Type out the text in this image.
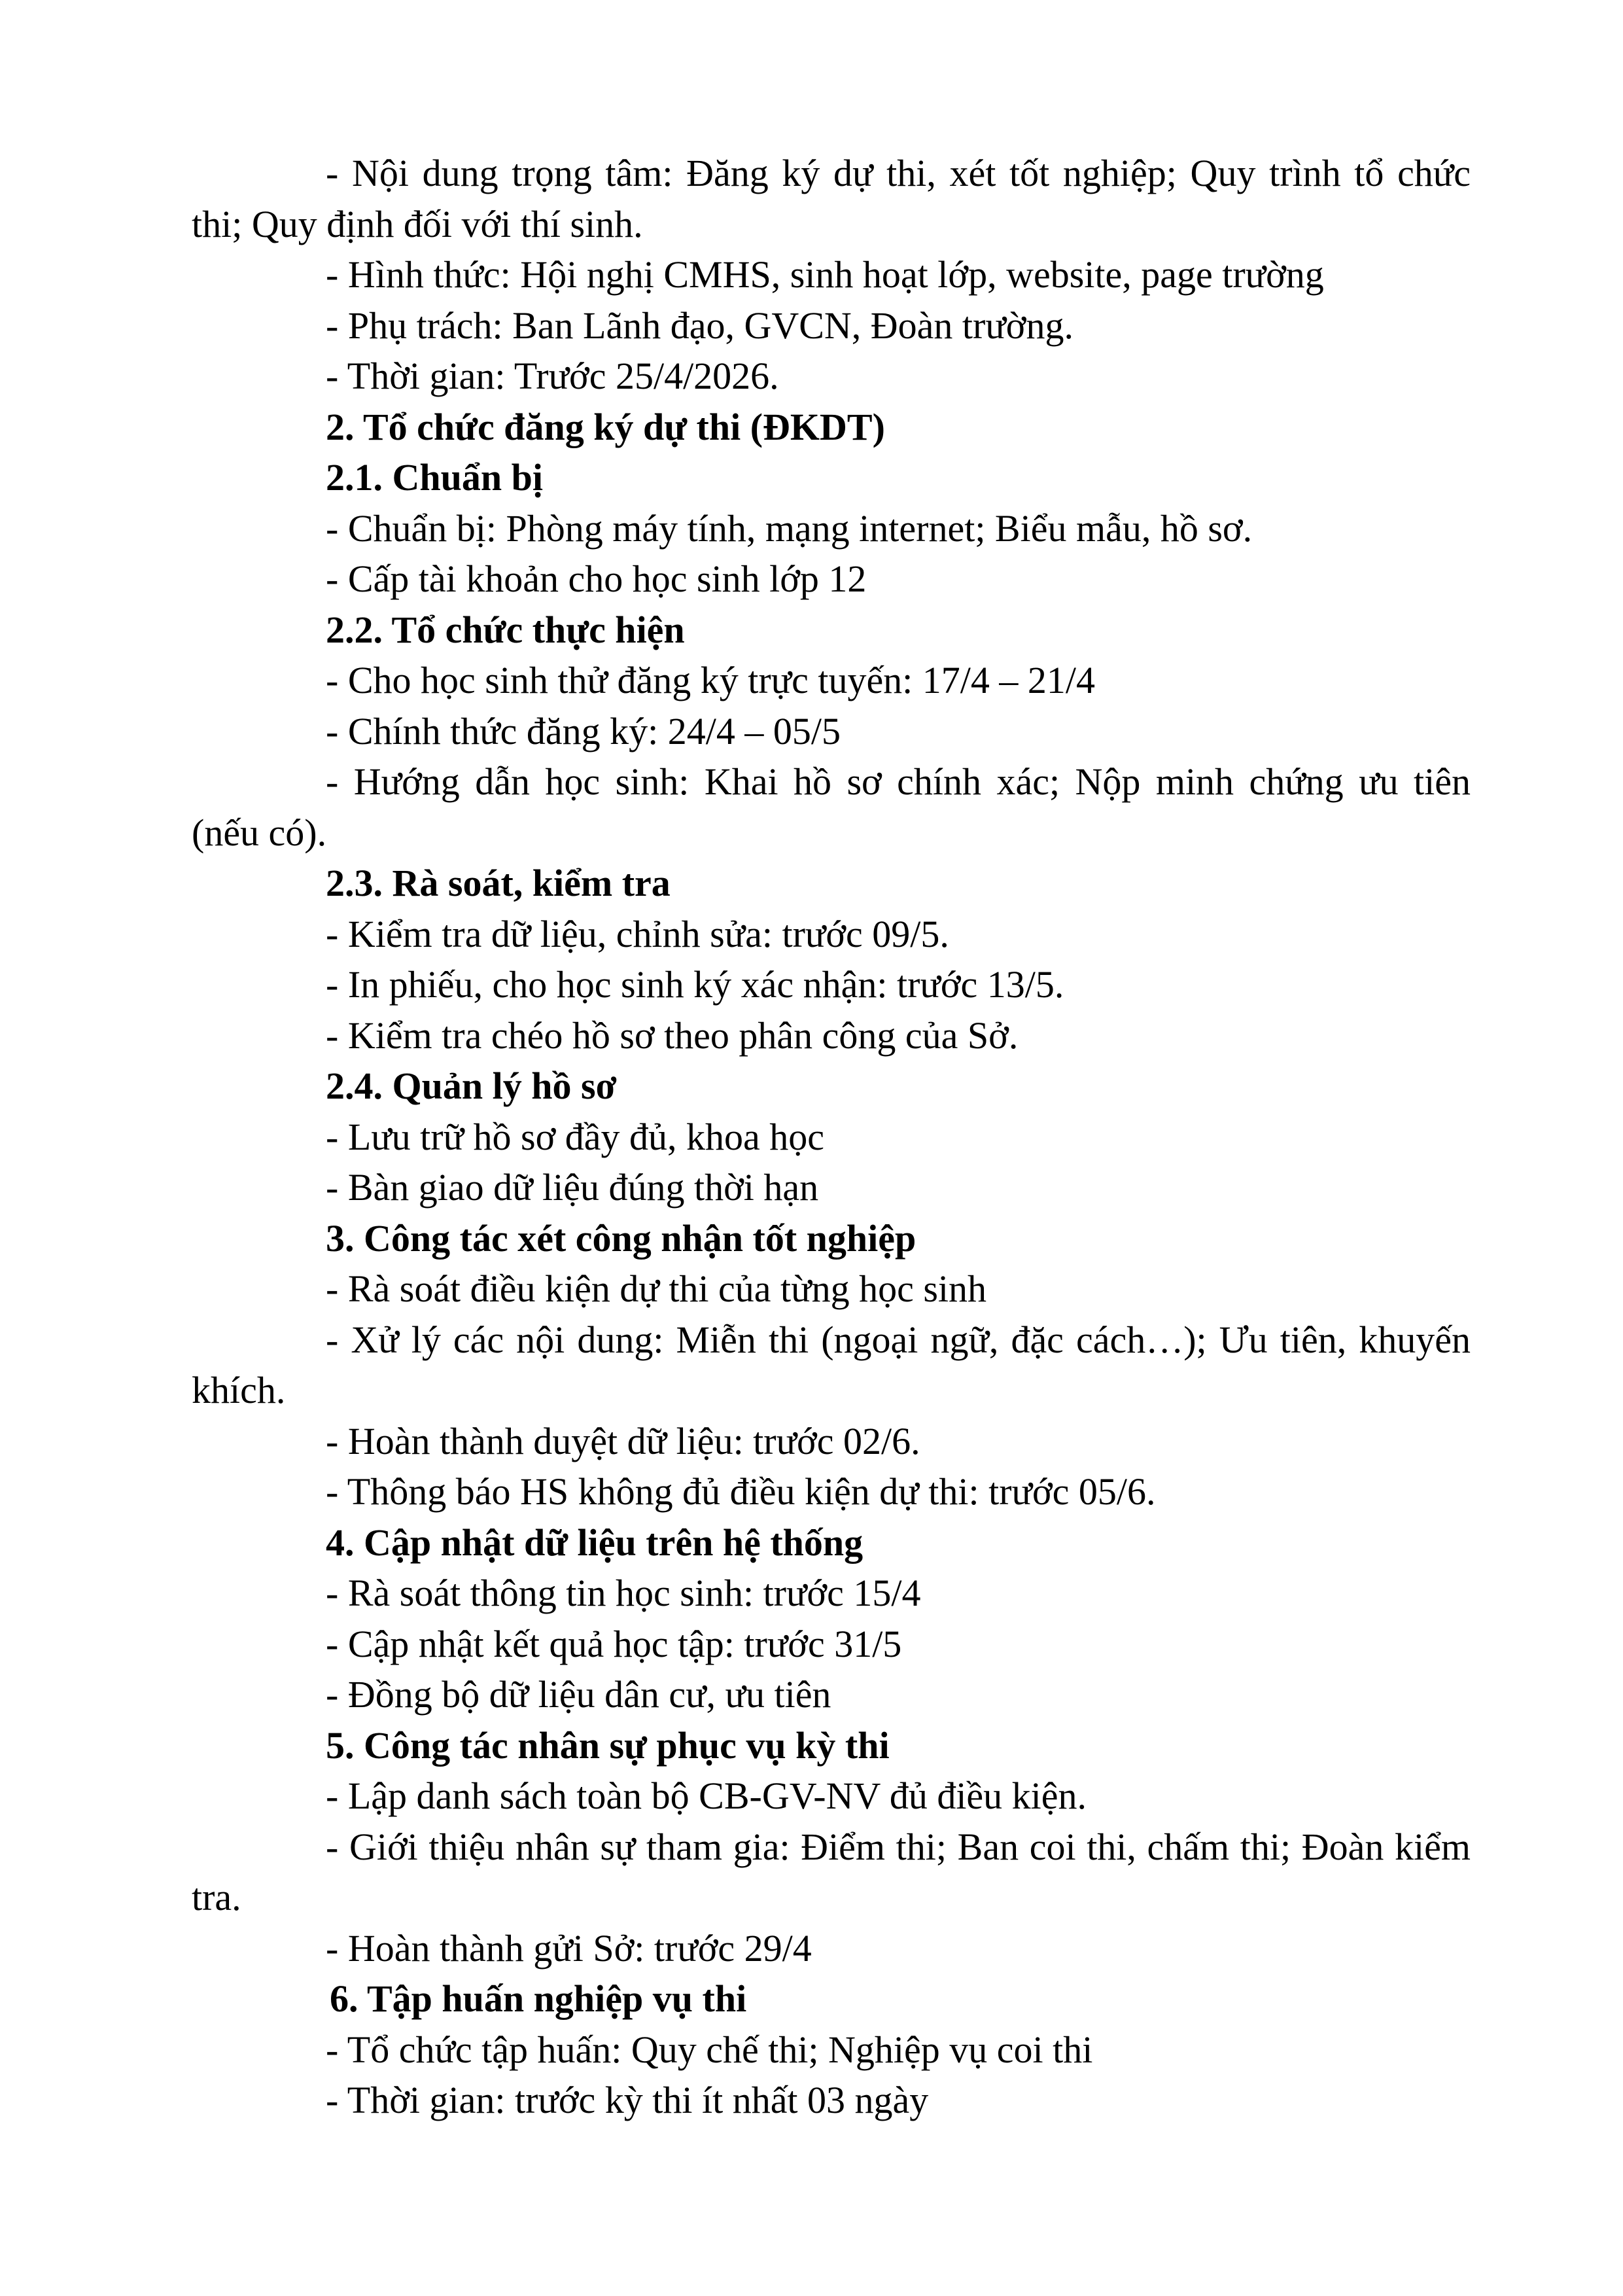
- Nội dung trọng tâm: Đăng ký dự thi, xét tốt nghiệp; Quy trình tổ chức

thi; Quy định đối với thí sinh.

- Hình thức: Hội nghị CMHS, sinh hoạt lớp, website, page trường

- Phụ trách: Ban Lãnh đạo, GVCN, Đoàn trường.

- Thời gian: Trước 25/4/2026.

2. Tổ chức đăng ký dự thi (ĐKDT)

2.1. Chuẩn bị

- Chuẩn bị: Phòng máy tính, mạng internet; Biểu mẫu, hồ sơ.

- Cấp tài khoản cho học sinh lớp 12

2.2. Tổ chức thực hiện

- Cho học sinh thử đăng ký trực tuyến: 17/4 – 21/4

- Chính thức đăng ký: 24/4 – 05/5

- Hướng dẫn học sinh: Khai hồ sơ chính xác; Nộp minh chứng ưu tiên

(nếu có).

2.3. Rà soát, kiểm tra

- Kiểm tra dữ liệu, chỉnh sửa: trước 09/5.

- In phiếu, cho học sinh ký xác nhận: trước 13/5.

- Kiểm tra chéo hồ sơ theo phân công của Sở.

2.4. Quản lý hồ sơ

- Lưu trữ hồ sơ đầy đủ, khoa học

- Bàn giao dữ liệu đúng thời hạn

3. Công tác xét công nhận tốt nghiệp

- Rà soát điều kiện dự thi của từng học sinh

- Xử lý các nội dung: Miễn thi (ngoại ngữ, đặc cách…); Ưu tiên, khuyến

khích.

- Hoàn thành duyệt dữ liệu: trước 02/6.

- Thông báo HS không đủ điều kiện dự thi: trước 05/6.

4. Cập nhật dữ liệu trên hệ thống

- Rà soát thông tin học sinh: trước 15/4

- Cập nhật kết quả học tập: trước 31/5

- Đồng bộ dữ liệu dân cư, ưu tiên

5. Công tác nhân sự phục vụ kỳ thi

- Lập danh sách toàn bộ CB-GV-NV đủ điều kiện.

- Giới thiệu nhân sự tham gia: Điểm thi; Ban coi thi, chấm thi; Đoàn kiểm

tra.

- Hoàn thành gửi Sở: trước 29/4

6. Tập huấn nghiệp vụ thi

- Tổ chức tập huấn: Quy chế thi; Nghiệp vụ coi thi

- Thời gian: trước kỳ thi ít nhất 03 ngày
